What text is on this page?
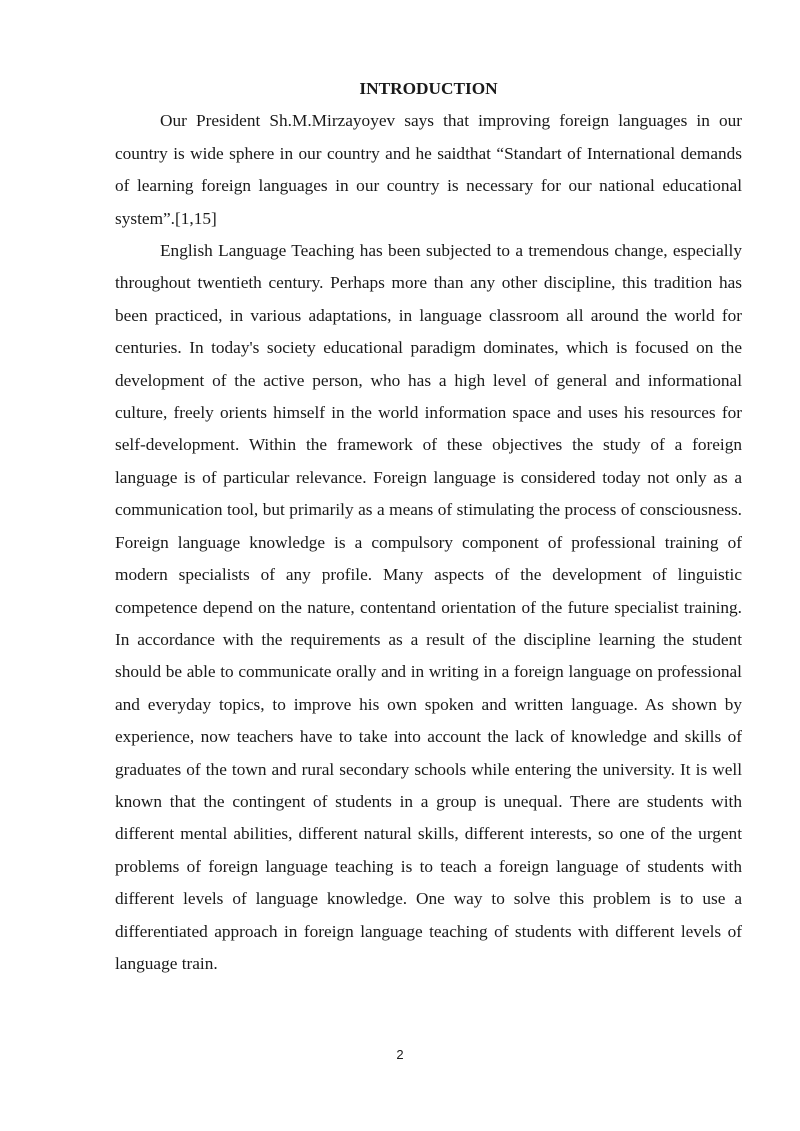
INTRODUCTION

Our President Sh.M.Mirzayoyev says that improving foreign languages in our country is wide sphere in our country and he saidthat “Standart of International demands of learning foreign languages in our country is necessary for our national educational system”.[1,15]

English Language Teaching has been subjected to a tremendous change, especially throughout twentieth century. Perhaps more than any other discipline, this tradition has been practiced, in various adaptations, in language classroom all around the world for centuries. In today's society educational paradigm dominates, which is focused on the development of the active person, who has a high level of general and informational culture, freely orients himself in the world information space and uses his resources for self-development. Within the framework of these objectives the study of a foreign language is of particular relevance. Foreign language is considered today not only as a communication tool, but primarily as a means of stimulating the process of consciousness. Foreign language knowledge is a compulsory component of professional training of modern specialists of any profile. Many aspects of the development of linguistic competence depend on the nature, contentand orientation of the future specialist training. In accordance with the requirements as a result of the discipline learning the student should be able to communicate orally and in writing in a foreign language on professional and everyday topics, to improve his own spoken and written language. As shown by experience, now teachers have to take into account the lack of knowledge and skills of graduates of the town and rural secondary schools while entering the university. It is well known that the contingent of students in a group is unequal. There are students with different mental abilities, different natural skills, different interests, so one of the urgent problems of foreign language teaching is to teach a foreign language of students with different levels of language knowledge. One way to solve this problem is to use a differentiated approach in foreign language teaching of students with different levels of language train.

2
